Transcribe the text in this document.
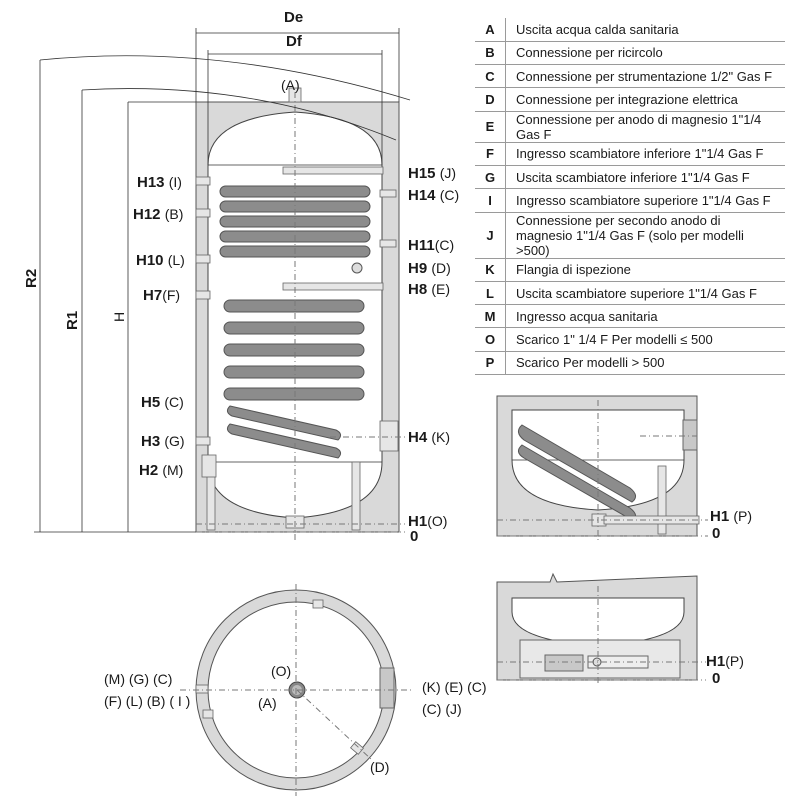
De
Df
R2
R1 H
(A)
H15 (J)
H14 (C)
H11(C)
H9 (D)
H8 (E)
H4 (K)
H1(O)
0
H13 (I)
H12 (B)
H10 (L)
H7(F)
H5 (C)
H3 (G)
H2 (M)
H1 (P)
0
H1(P)
0
(M) (G) (C)
(F) (L) (B) ( I )
(K) (E) (C)
(C) (J)
(O)
(A)
(D)
A	Uscita acqua calda sanitaria
B	Connessione per ricircolo
C	Connessione per strumentazione 1/2" Gas F
D	Connessione per integrazione elettrica
E	Connessione per anodo di magnesio 1"1/4 Gas F
F	Ingresso scambiatore inferiore 1"1/4 Gas F
G	Uscita scambiatore inferiore 1"1/4 Gas F
I	Ingresso scambiatore superiore 1"1/4 Gas F
J	Connessione per secondo anodo di magnesio 1"1/4 Gas F (solo per modelli >500)
K	Flangia di ispezione
L	Uscita scambiatore superiore 1"1/4 Gas F
M	Ingresso acqua sanitaria
O	Scarico 1" 1/4 F Per modelli ≤ 500
P	Scarico Per modelli > 500
